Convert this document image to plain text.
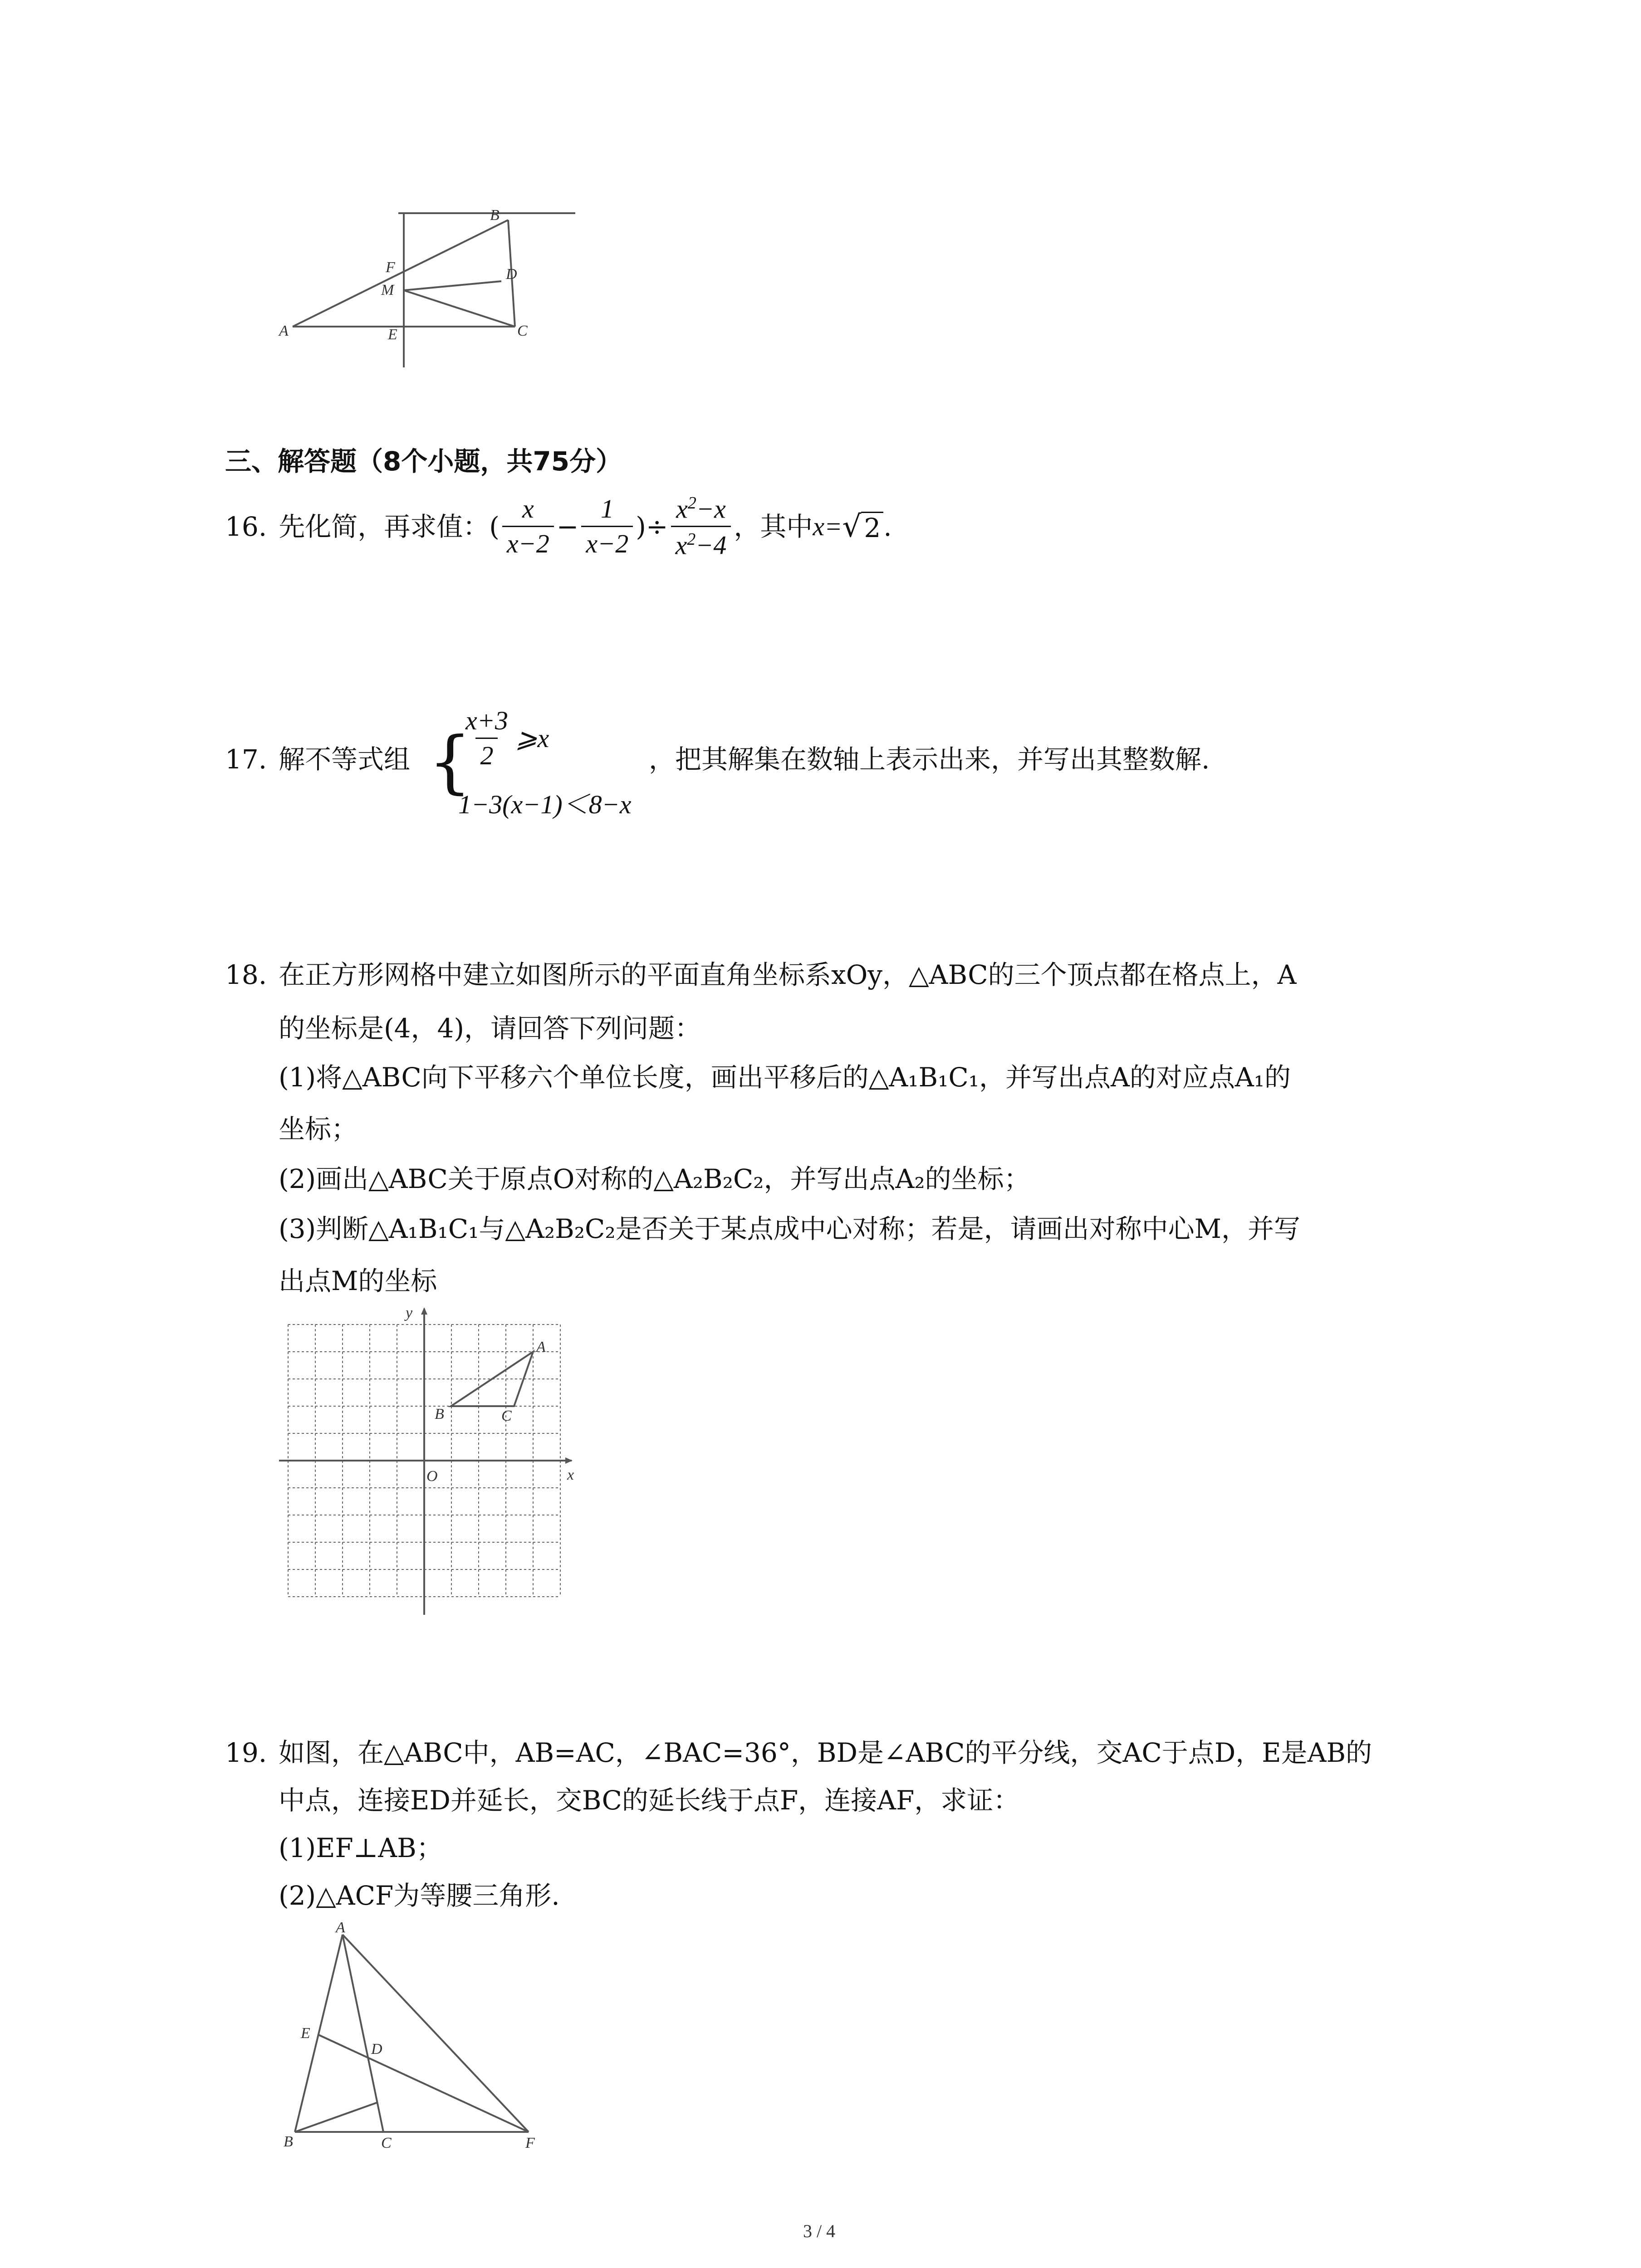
B
F	D
M
A	E	C
三、解答题（8个小题，共75分）
16. 先化简，再求值：( $\frac{x}{x-2} - \frac{1}{x-2}$ )÷ $\frac{x^2-x}{x^2-4}$ ，其中 x= √ 2 .
17. 解不等式组 {
$\frac{x+3}{2}$ ⩾x
1−3(x−1)＜8−x
，把其解集在数轴上表示出来，并写出其整数解.
18. 在正方形网格中建立如图所示的平面直角坐标系xOy，△ABC的三个顶点都在格点上，A
的坐标是(4，4)，请回答下列问题：
(1)将△ABC向下平移六个单位长度，画出平移后的△A₁B₁C₁，并写出点A的对应点A₁的
坐标；
(2)画出△ABC关于原点O对称的△A₂B₂C₂，并写出点A₂的坐标；
(3)判断△A₁B₁C₁与△A₂B₂C₂是否关于某点成中心对称；若是，请画出对称中心M，并写
出点M的坐标
y
x
O
A
B	C
19. 如图，在△ABC中，AB=AC，∠BAC=36°，BD是∠ABC的平分线，交AC于点D，E是AB的
中点，连接ED并延长，交BC的延长线于点F，连接AF，求证：
(1)EF⊥AB；
(2)△ACF为等腰三角形.
A
E
D
B	C	F
3 / 4
